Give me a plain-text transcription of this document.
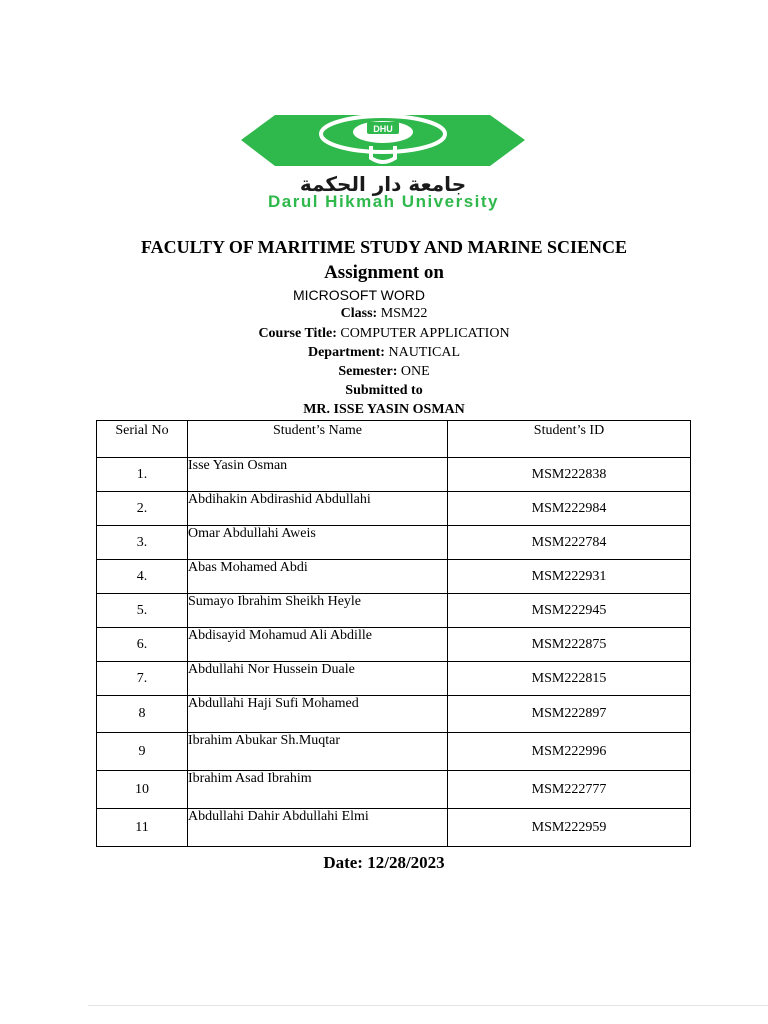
DHU
جامعة دار الحكمة
Darul Hikmah University
FACULTY OF MARITIME STUDY AND MARINE SCIENCE
Assignment on
MICROSOFT WORD
Class: MSM22
Course Title: COMPUTER APPLICATION
Department: NAUTICAL
Semester: ONE
Submitted to
MR. ISSE YASIN OSMAN
Serial No	Student’s Name	Student’s ID
1.	Isse Yasin Osman	MSM222838
2.	Abdihakin Abdirashid Abdullahi	MSM222984
3.	Omar Abdullahi Aweis	MSM222784
4.	Abas Mohamed Abdi	MSM222931
5.	Sumayo Ibrahim Sheikh Heyle	MSM222945
6.	Abdisayid Mohamud Ali Abdille	MSM222875
7.	Abdullahi Nor Hussein Duale	MSM222815
8	Abdullahi Haji Sufi Mohamed	MSM222897
9	Ibrahim Abukar Sh.Muqtar	MSM222996
10	Ibrahim Asad Ibrahim	MSM222777
11	Abdullahi Dahir Abdullahi Elmi	MSM222959
Date: 12/28/2023
